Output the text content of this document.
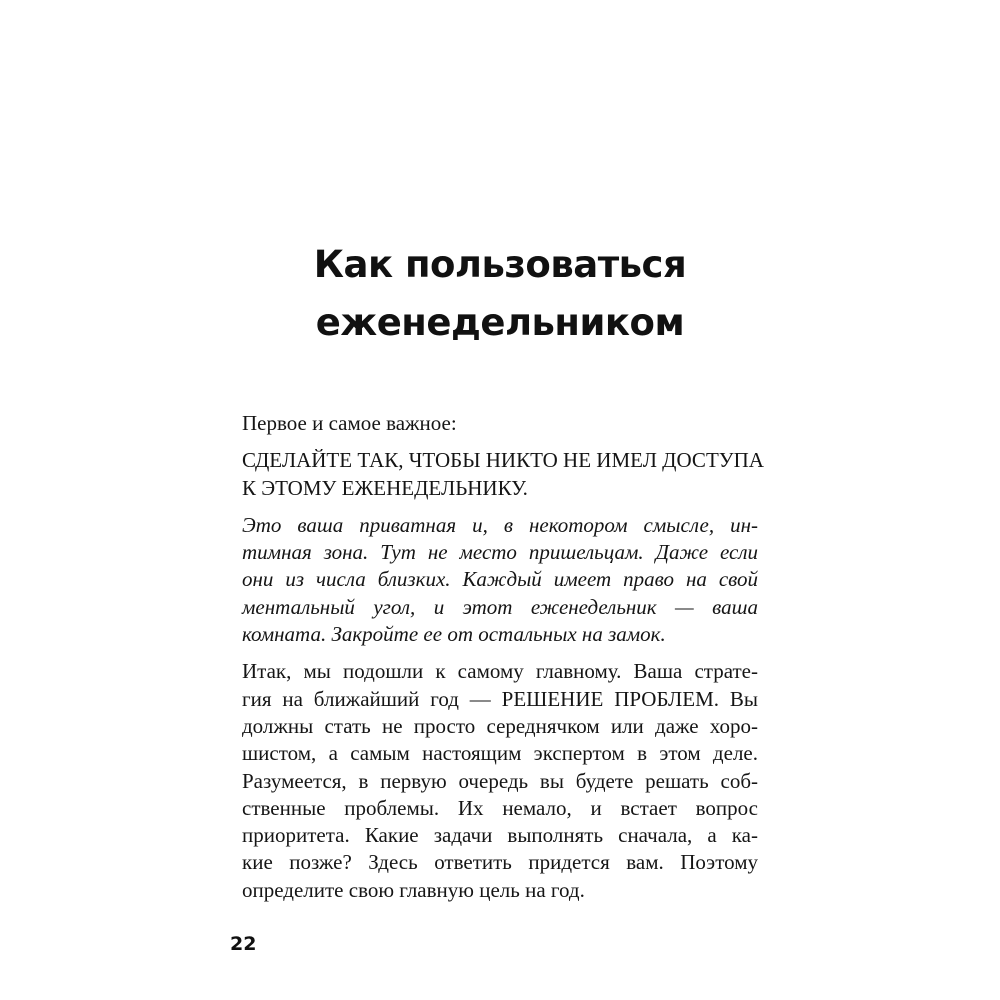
Как пользоваться
еженедельником
Первое и самое важное:
СДЕЛАЙТЕ ТАК, ЧТОБЫ НИКТО НЕ ИМЕЛ ДОСТУПА
К ЭТОМУ ЕЖЕНЕДЕЛЬНИКУ.
Это ваша приватная и, в некотором смысле, ин-
тимная зона. Тут не место пришельцам. Даже если
они из числа близких. Каждый имеет право на свой
ментальный угол, и этот еженедельник — ваша
комната. Закройте ее от остальных на замок.
Итак, мы подошли к самому главному. Ваша страте-
гия на ближайший год — РЕШЕНИЕ ПРОБЛЕМ. Вы
должны стать не просто середнячком или даже хоро-
шистом, а самым настоящим экспертом в этом деле.
Разумеется, в первую очередь вы будете решать соб-
ственные проблемы. Их немало, и встает вопрос
приоритета. Какие задачи выполнять сначала, а ка-
кие позже? Здесь ответить придется вам. Поэтому
определите свою главную цель на год.
22
